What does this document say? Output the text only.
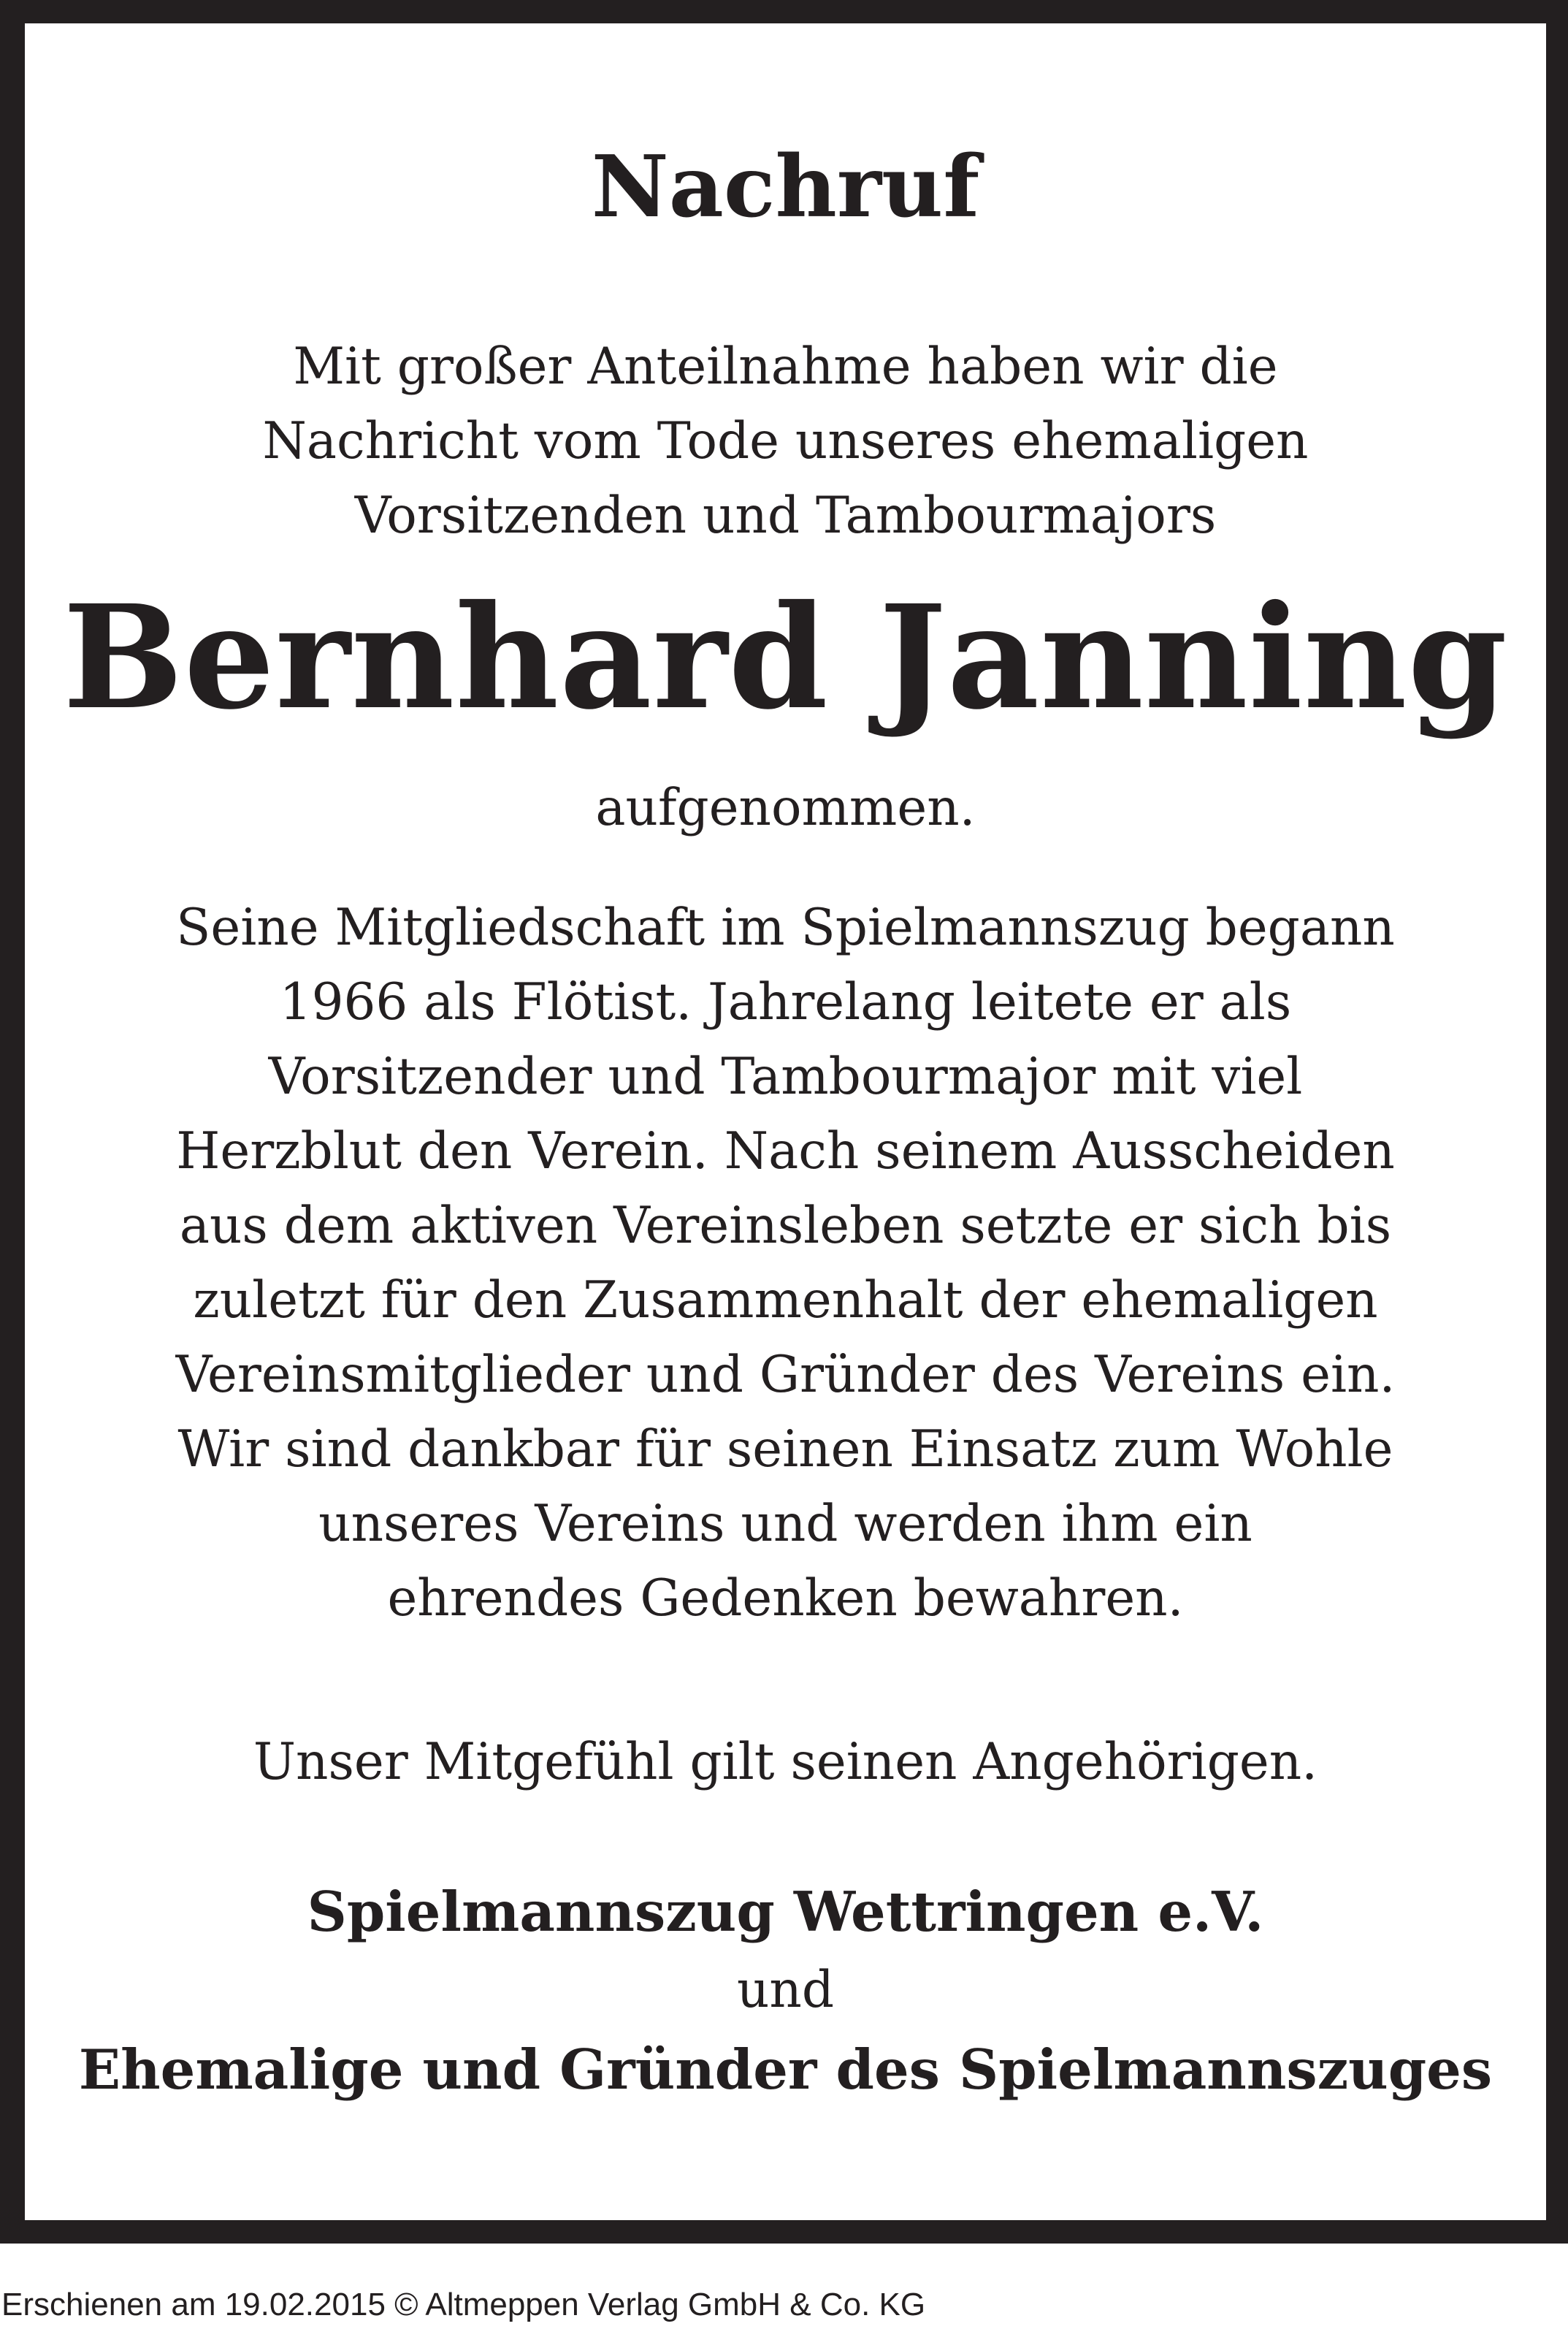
Nachruf
Mit großer Anteilnahme haben wir die
Nachricht vom Tode unseres ehemaligen
Vorsitzenden und Tambourmajors
Bernhard Janning
aufgenommen.
Seine Mitgliedschaft im Spielmannszug begann
1966 als Flötist. Jahrelang leitete er als
Vorsitzender und Tambourmajor mit viel
Herzblut den Verein. Nach seinem Ausscheiden
aus dem aktiven Vereinsleben setzte er sich bis
zuletzt für den Zusammenhalt der ehemaligen
Vereinsmitglieder und Gründer des Vereins ein.
Wir sind dankbar für seinen Einsatz zum Wohle
unseres Vereins und werden ihm ein
ehrendes Gedenken bewahren.
Unser Mitgefühl gilt seinen Angehörigen.
Spielmannszug Wettringen e.V.
und
Ehemalige und Gründer des Spielmannszuges
Erschienen am 19.02.2015 © Altmeppen Verlag GmbH & Co. KG
